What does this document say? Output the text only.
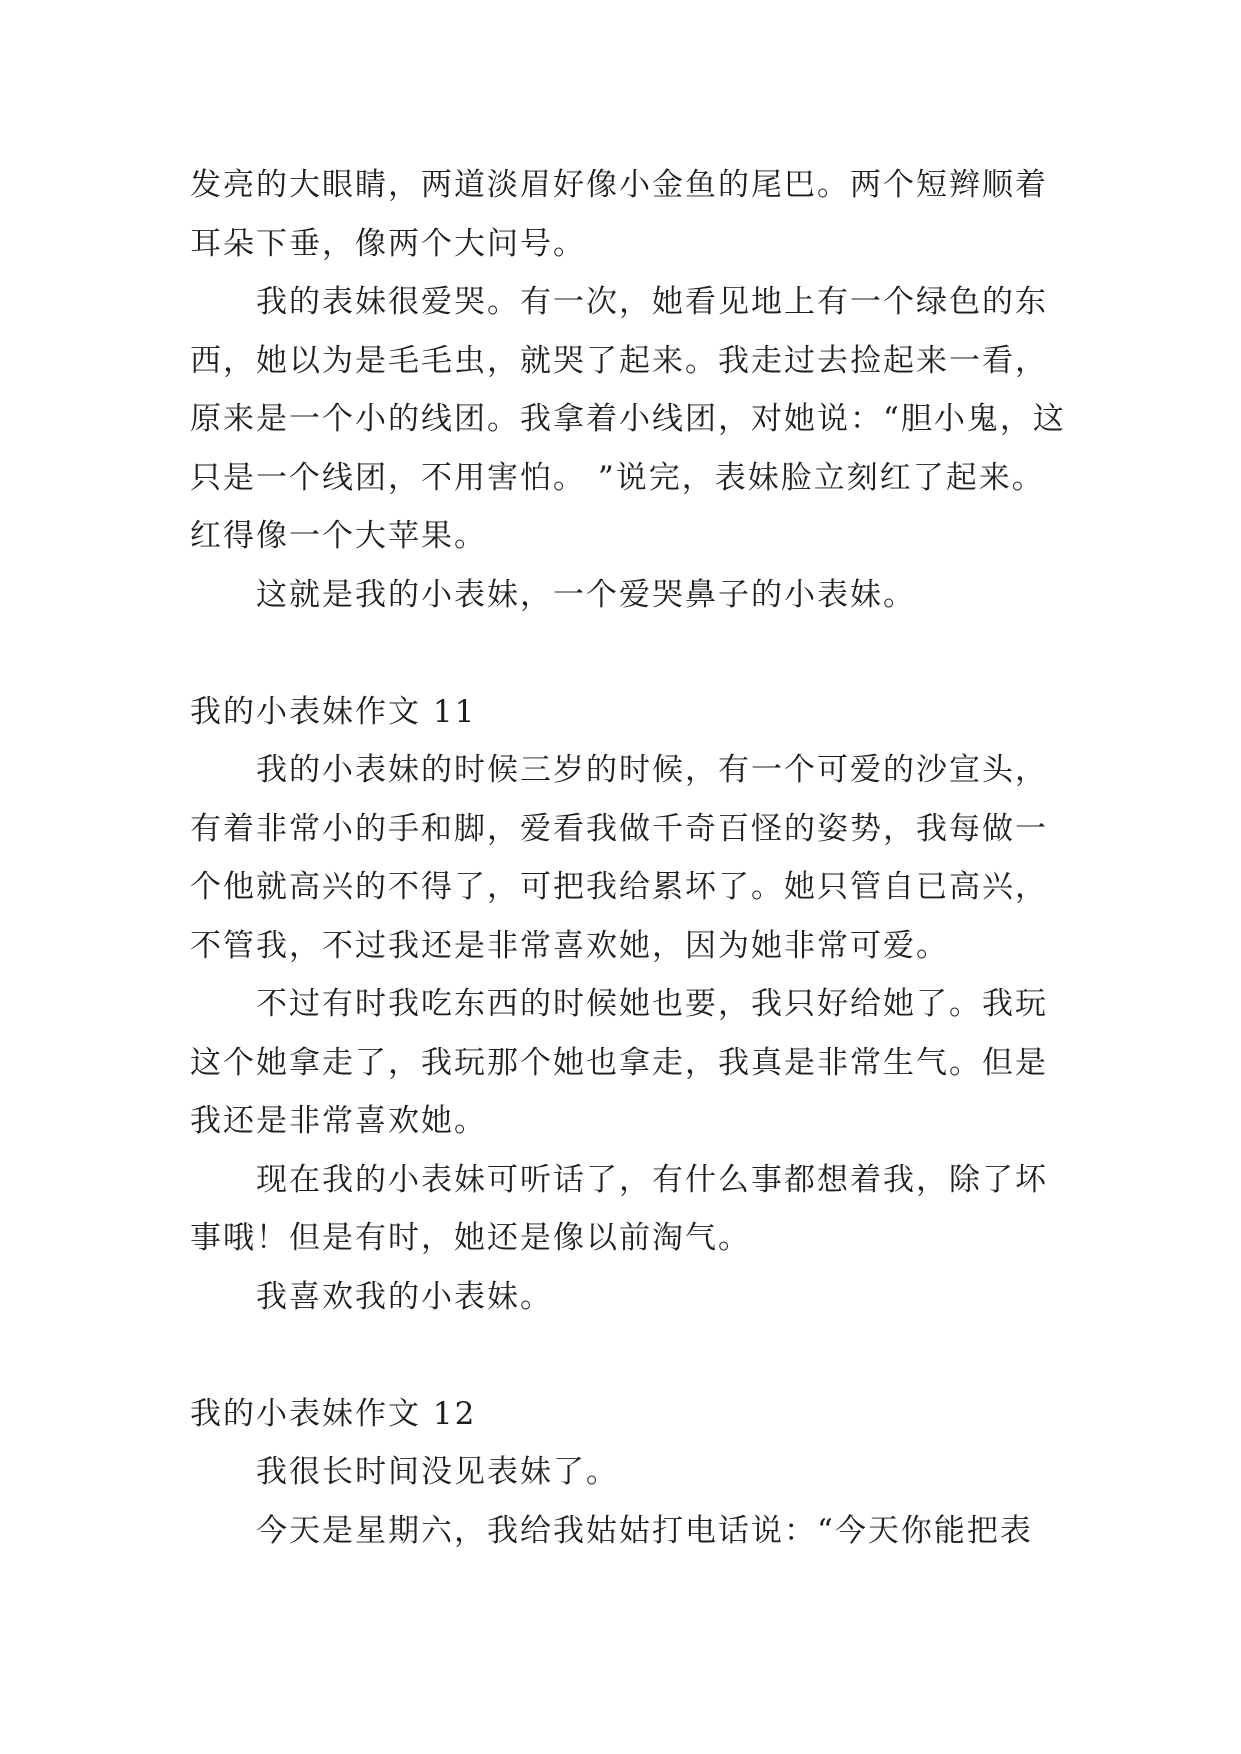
发亮的大眼睛，两道淡眉好像小金鱼的尾巴。两个短辫顺着耳朵下垂，像两个大问号。

我的表妹很爱哭。有一次，她看见地上有一个绿色的东西，她以为是毛毛虫，就哭了起来。我走过去捡起来一看，原来是一个小的线团。我拿着小线团，对她说：“胆小鬼，这只是一个线团，不用害怕。 ”说完，表妹脸立刻红了起来。红得像一个大苹果。

这就是我的小表妹，一个爱哭鼻子的小表妹。

我的小表妹作文 11

我的小表妹的时候三岁的时候，有一个可爱的沙宣头，有着非常小的手和脚，爱看我做千奇百怪的姿势，我每做一个他就高兴的不得了，可把我给累坏了。她只管自已高兴，不管我，不过我还是非常喜欢她，因为她非常可爱。

不过有时我吃东西的时候她也要，我只好给她了。我玩这个她拿走了，我玩那个她也拿走，我真是非常生气。但是我还是非常喜欢她。

现在我的小表妹可听话了，有什么事都想着我，除了坏事哦！但是有时，她还是像以前淘气。

我喜欢我的小表妹。

我的小表妹作文 12

我很长时间没见表妹了。

今天是星期六，我给我姑姑打电话说：“今天你能把表
